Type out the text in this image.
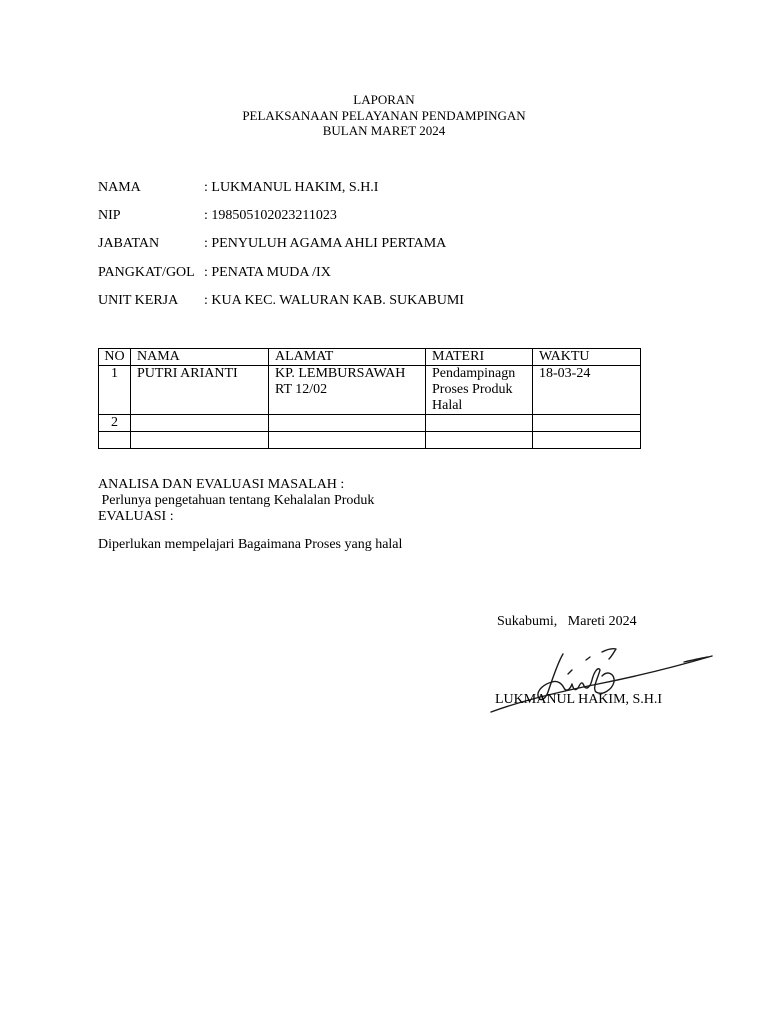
LAPORAN
PELAKSANAAN PELAYANAN PENDAMPINGAN
BULAN MARET 2024
NAMA	: LUKMANUL HAKIM, S.H.I
NIP	: 198505102023211023
JABATAN	: PENYULUH AGAMA AHLI PERTAMA
PANGKAT/GOL : PENATA MUDA /IX
UNIT KERJA : KUA KEC. WALURAN KAB. SUKABUMI
NO	NAMA	ALAMAT	MATERI	WAKTU
1	PUTRI ARIANTI	KP. LEMBURSAWAH RT 12/02	Pendampinagn Proses Produk Halal	18-03-24
2				

ANALISA DAN EVALUASI MASALAH :
Perlunya pengetahuan tentang Kehalalan Produk
EVALUASI :
Diperlukan mempelajari Bagaimana Proses yang halal
Sukabumi,   Mareti 2024
LUKMANUL HAKIM, S.H.I
